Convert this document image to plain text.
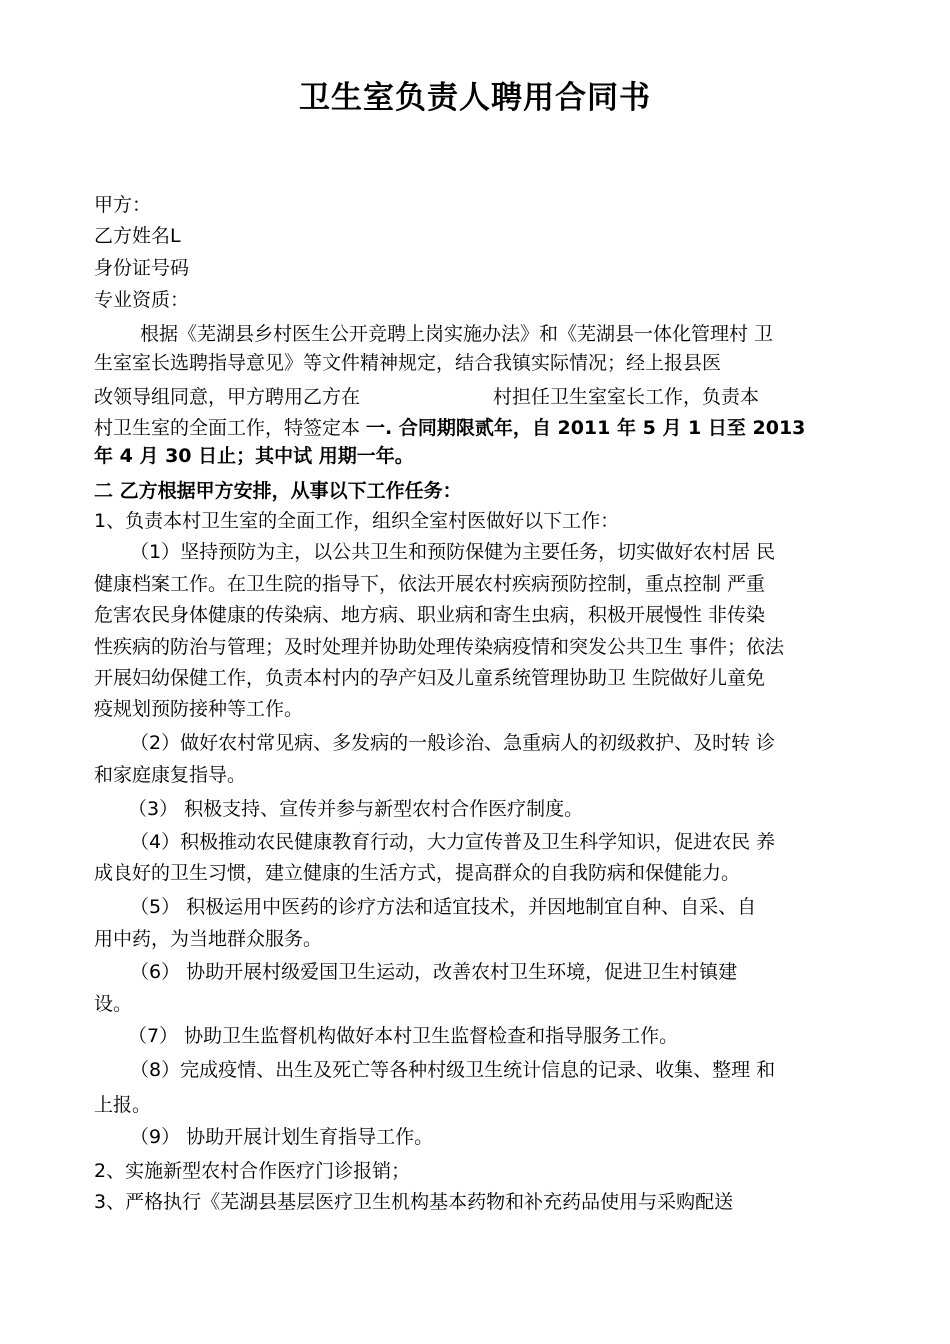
卫生室负责人聘用合同书
甲方：
乙方姓名L
身份证号码
专业资质：
根据《芜湖县乡村医生公开竞聘上岗实施办法》和《芜湖县一体化管理村 卫
生室室长选聘指导意见》等文件精神规定，结合我镇实际情况；经上报县医
改领导组同意，甲方聘用乙方在	村担任卫生室室长工作，负责本
村卫生室的全面工作，特签定本 一. 合同期限贰年，自 2011 年 5 月 1 日至 2013
年 4 月 30 日止；其中试 用期一年。
二 乙方根据甲方安排，从事以下工作任务：
1、负责本村卫生室的全面工作，组织全室村医做好以下工作：
（1）坚持预防为主，以公共卫生和预防保健为主要任务，切实做好农村居 民
健康档案工作。在卫生院的指导下，依法开展农村疾病预防控制，重点控制 严重
危害农民身体健康的传染病、地方病、职业病和寄生虫病，积极开展慢性 非传染
性疾病的防治与管理；及时处理并协助处理传染病疫情和突发公共卫生 事件；依法
开展妇幼保健工作，负责本村内的孕产妇及儿童系统管理协助卫 生院做好儿童免
疫规划预防接种等工作。
（2）做好农村常见病、多发病的一般诊治、急重病人的初级救护、及时转 诊
和家庭康复指导。
（3） 积极支持、宣传并参与新型农村合作医疗制度。
（4）积极推动农民健康教育行动，大力宣传普及卫生科学知识，促进农民 养
成良好的卫生习惯，建立健康的生活方式，提高群众的自我防病和保健能力。
（5） 积极运用中医药的诊疗方法和适宜技术，并因地制宜自种、自采、自
用中药，为当地群众服务。
（6） 协助开展村级爱国卫生运动，改善农村卫生环境，促进卫生村镇建
设。
（7） 协助卫生监督机构做好本村卫生监督检查和指导服务工作。
（8）完成疫情、出生及死亡等各种村级卫生统计信息的记录、收集、整理 和
上报。
（9） 协助开展计划生育指导工作。
2、实施新型农村合作医疗门诊报销；
3、严格执行《芜湖县基层医疗卫生机构基本药物和补充药品使用与采购配送
